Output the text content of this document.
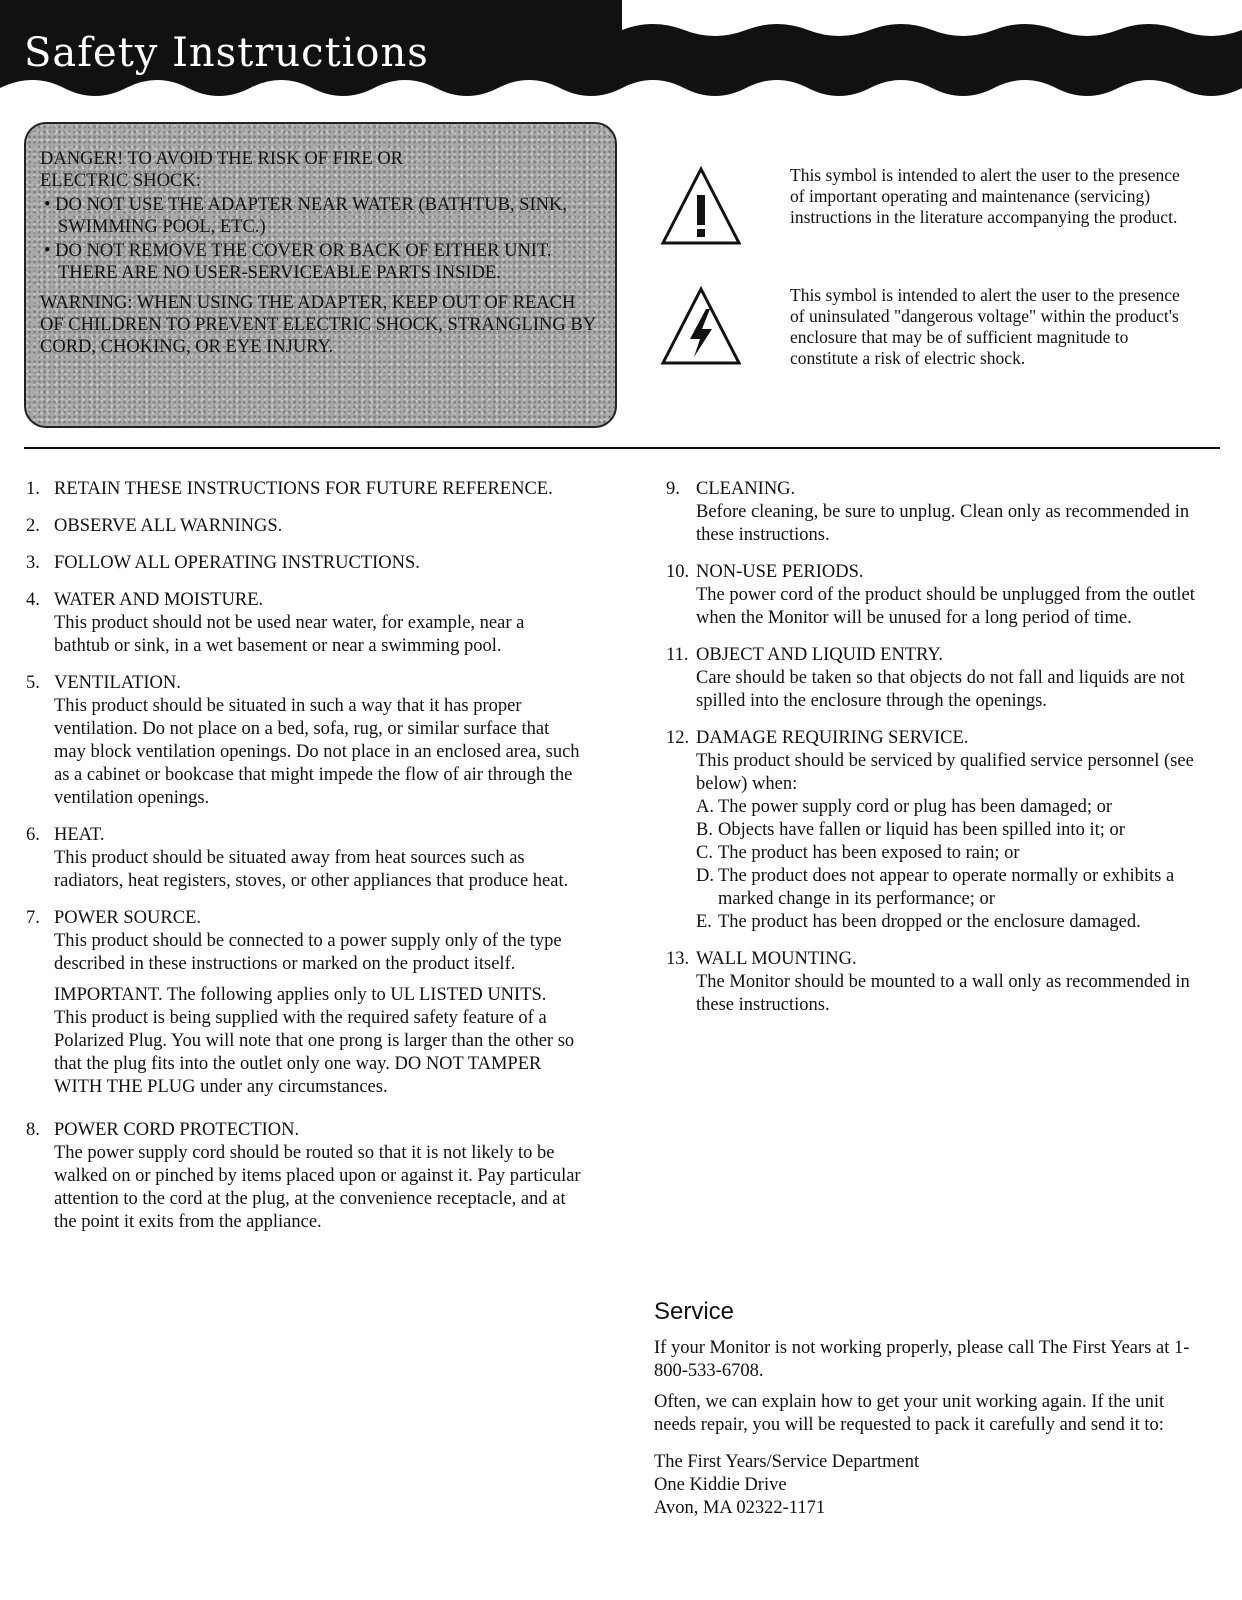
Safety Instructions
DANGER! TO AVOID THE RISK OF FIRE OR
ELECTRIC SHOCK:
• DO NOT USE THE ADAPTER NEAR WATER (BATHTUB, SINK, SWIMMING POOL, ETC.)
• DO NOT REMOVE THE COVER OR BACK OF EITHER UNIT. THERE ARE NO USER-SERVICEABLE PARTS INSIDE.
WARNING: WHEN USING THE ADAPTER, KEEP OUT OF REACH OF CHILDREN TO PREVENT ELECTRIC SHOCK, STRANGLING BY CORD, CHOKING, OR EYE INJURY.
This symbol is intended to alert the user to the presence of important operating and maintenance (servicing) instructions in the literature accompanying the product.
This symbol is intended to alert the user to the presence of uninsulated "dangerous voltage" within the product's enclosure that may be of sufficient magnitude to constitute a risk of electric shock.
1. RETAIN THESE INSTRUCTIONS FOR FUTURE REFERENCE.
2. OBSERVE ALL WARNINGS.
3. FOLLOW ALL OPERATING INSTRUCTIONS.
4. WATER AND MOISTURE.
This product should not be used near water, for example, near a bathtub or sink, in a wet basement or near a swimming pool.
5. VENTILATION.
This product should be situated in such a way that it has proper ventilation. Do not place on a bed, sofa, rug, or similar surface that may block ventilation openings. Do not place in an enclosed area, such as a cabinet or bookcase that might impede the flow of air through the ventilation openings.
6. HEAT.
This product should be situated away from heat sources such as radiators, heat registers, stoves, or other appliances that produce heat.
7. POWER SOURCE.
This product should be connected to a power supply only of the type described in these instructions or marked on the product itself.
IMPORTANT. The following applies only to UL LISTED UNITS. This product is being supplied with the required safety feature of a Polarized Plug. You will note that one prong is larger than the other so that the plug fits into the outlet only one way. DO NOT TAMPER WITH THE PLUG under any circumstances.
8. POWER CORD PROTECTION.
The power supply cord should be routed so that it is not likely to be walked on or pinched by items placed upon or against it. Pay particular attention to the cord at the plug, at the convenience receptacle, and at the point it exits from the appliance.
9. CLEANING.
Before cleaning, be sure to unplug. Clean only as recommended in these instructions.
10. NON-USE PERIODS.
The power cord of the product should be unplugged from the outlet when the Monitor will be unused for a long period of time.
11. OBJECT AND LIQUID ENTRY.
Care should be taken so that objects do not fall and liquids are not spilled into the enclosure through the openings.
12. DAMAGE REQUIRING SERVICE.
This product should be serviced by qualified service personnel (see below) when:
A. The power supply cord or plug has been damaged; or
B. Objects have fallen or liquid has been spilled into it; or
C. The product has been exposed to rain; or
D. The product does not appear to operate normally or exhibits a marked change in its performance; or
E. The product has been dropped or the enclosure damaged.
13. WALL MOUNTING.
The Monitor should be mounted to a wall only as recommended in these instructions.
Service

If your Monitor is not working properly, please call The First Years at 1-800-533-6708.

Often, we can explain how to get your unit working again. If the unit needs repair, you will be requested to pack it carefully and send it to:

The First Years/Service Department
One Kiddie Drive
Avon, MA 02322-1171
